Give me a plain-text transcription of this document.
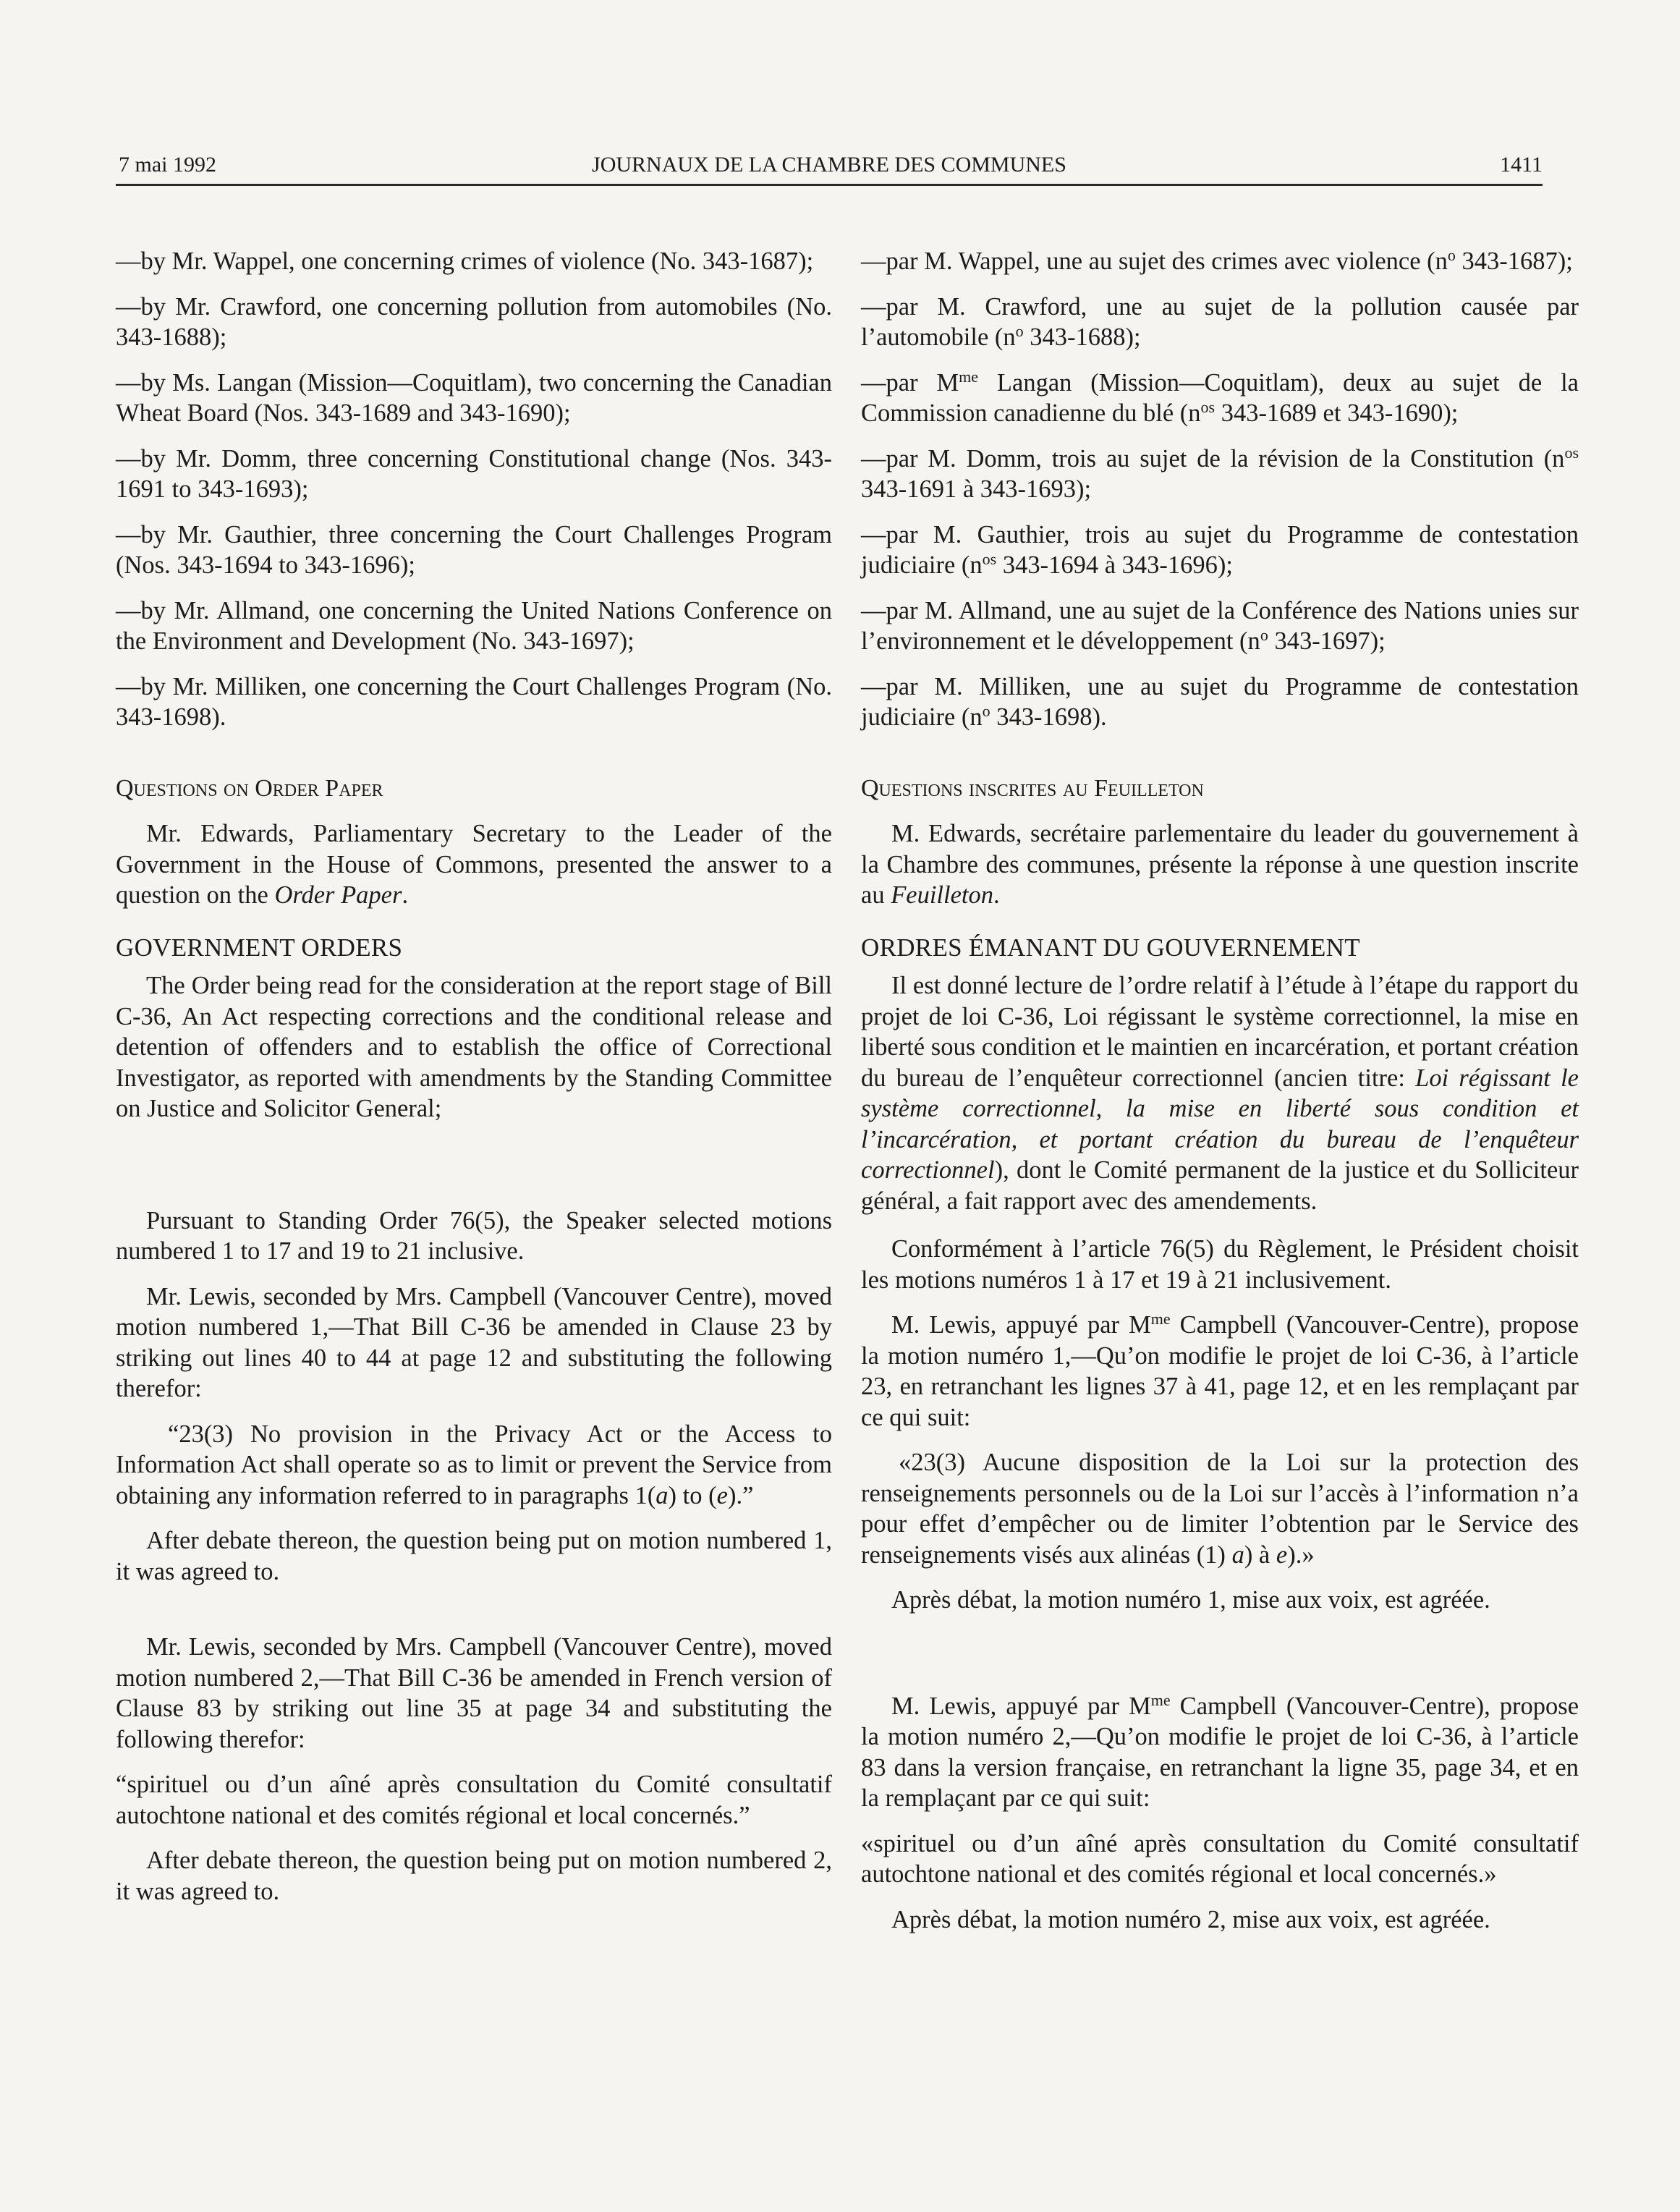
7 mai 1992	JOURNAUX DE LA CHAMBRE DES COMMUNES	1411

—by Mr. Wappel, one concerning crimes of violence (No. 343-1687);

—by Mr. Crawford, one concerning pollution from automobiles (No. 343-1688);

—by Ms. Langan (Mission—Coquitlam), two concerning the Canadian Wheat Board (Nos. 343-1689 and 343-1690);

—by Mr. Domm, three concerning Constitutional change (Nos. 343-1691 to 343-1693);

—by Mr. Gauthier, three concerning the Court Challenges Program (Nos. 343-1694 to 343-1696);

—by Mr. Allmand, one concerning the United Nations Conference on the Environment and Development (No. 343-1697);

—by Mr. Milliken, one concerning the Court Challenges Program (No. 343-1698).

Questions on Order Paper

Mr. Edwards, Parliamentary Secretary to the Leader of the Government in the House of Commons, presented the answer to a question on the Order Paper.

GOVERNMENT ORDERS

The Order being read for the consideration at the report stage of Bill C-36, An Act respecting corrections and the conditional release and detention of offenders and to establish the office of Correctional Investigator, as reported with amendments by the Standing Committee on Justice and Solicitor General;

Pursuant to Standing Order 76(5), the Speaker selected motions numbered 1 to 17 and 19 to 21 inclusive.

Mr. Lewis, seconded by Mrs. Campbell (Vancouver Centre), moved motion numbered 1,—That Bill C-36 be amended in Clause 23 by striking out lines 40 to 44 at page 12 and substituting the following therefor:

“23(3) No provision in the Privacy Act or the Access to Information Act shall operate so as to limit or prevent the Service from obtaining any information referred to in paragraphs 1(a) to (e).”

After debate thereon, the question being put on motion numbered 1, it was agreed to.

Mr. Lewis, seconded by Mrs. Campbell (Vancouver Centre), moved motion numbered 2,—That Bill C-36 be amended in French version of Clause 83 by striking out line 35 at page 34 and substituting the following therefor:

“spirituel ou d’un aîné après consultation du Comité consultatif autochtone national et des comités régional et local concernés.”

After debate thereon, the question being put on motion numbered 2, it was agreed to.

—par M. Wappel, une au sujet des crimes avec violence ($n^o$ 343-1687);

—par M. Crawford, une au sujet de la pollution causée par l’automobile ($n^o$ 343-1688);

—par $M^{me}$ Langan (Mission—Coquitlam), deux au sujet de la Commission canadienne du blé ($n^{os}$ 343-1689 et 343-1690);

—par M. Domm, trois au sujet de la révision de la Constitution ($n^{os}$ 343-1691 à 343-1693);

—par M. Gauthier, trois au sujet du Programme de contestation judiciaire ($n^{os}$ 343-1694 à 343-1696);

—par M. Allmand, une au sujet de la Conférence des Nations unies sur l’environnement et le développement ($n^o$ 343-1697);

—par M. Milliken, une au sujet du Programme de contestation judiciaire ($n^o$ 343-1698).

Questions inscrites au Feuilleton

M. Edwards, secrétaire parlementaire du leader du gouvernement à la Chambre des communes, présente la réponse à une question inscrite au Feuilleton.

ORDRES ÉMANANT DU GOUVERNEMENT

Il est donné lecture de l’ordre relatif à l’étude à l’étape du rapport du projet de loi C-36, Loi régissant le système correctionnel, la mise en liberté sous condition et le maintien en incarcération, et portant création du bureau de l’enquêteur correctionnel (ancien titre: Loi régissant le système correctionnel, la mise en liberté sous condition et l’incarcération, et portant création du bureau de l’enquêteur correctionnel), dont le Comité permanent de la justice et du Solliciteur général, a fait rapport avec des amendements.

Conformément à l’article 76(5) du Règlement, le Président choisit les motions numéros 1 à 17 et 19 à 21 inclusivement.

M. Lewis, appuyé par $M^{me}$ Campbell (Vancouver-Centre), propose la motion numéro 1,—Qu’on modifie le projet de loi C-36, à l’article 23, en retranchant les lignes 37 à 41, page 12, et en les remplaçant par ce qui suit:

«23(3) Aucune disposition de la Loi sur la protection des renseignements personnels ou de la Loi sur l’accès à l’information n’a pour effet d’empêcher ou de limiter l’obtention par le Service des renseignements visés aux alinéas (1) a) à e).»

Après débat, la motion numéro 1, mise aux voix, est agréée.

M. Lewis, appuyé par $M^{me}$ Campbell (Vancouver-Centre), propose la motion numéro 2,—Qu’on modifie le projet de loi C-36, à l’article 83 dans la version française, en retranchant la ligne 35, page 34, et en la remplaçant par ce qui suit:

«spirituel ou d’un aîné après consultation du Comité consultatif autochtone national et des comités régional et local concernés.»

Après débat, la motion numéro 2, mise aux voix, est agréée.
